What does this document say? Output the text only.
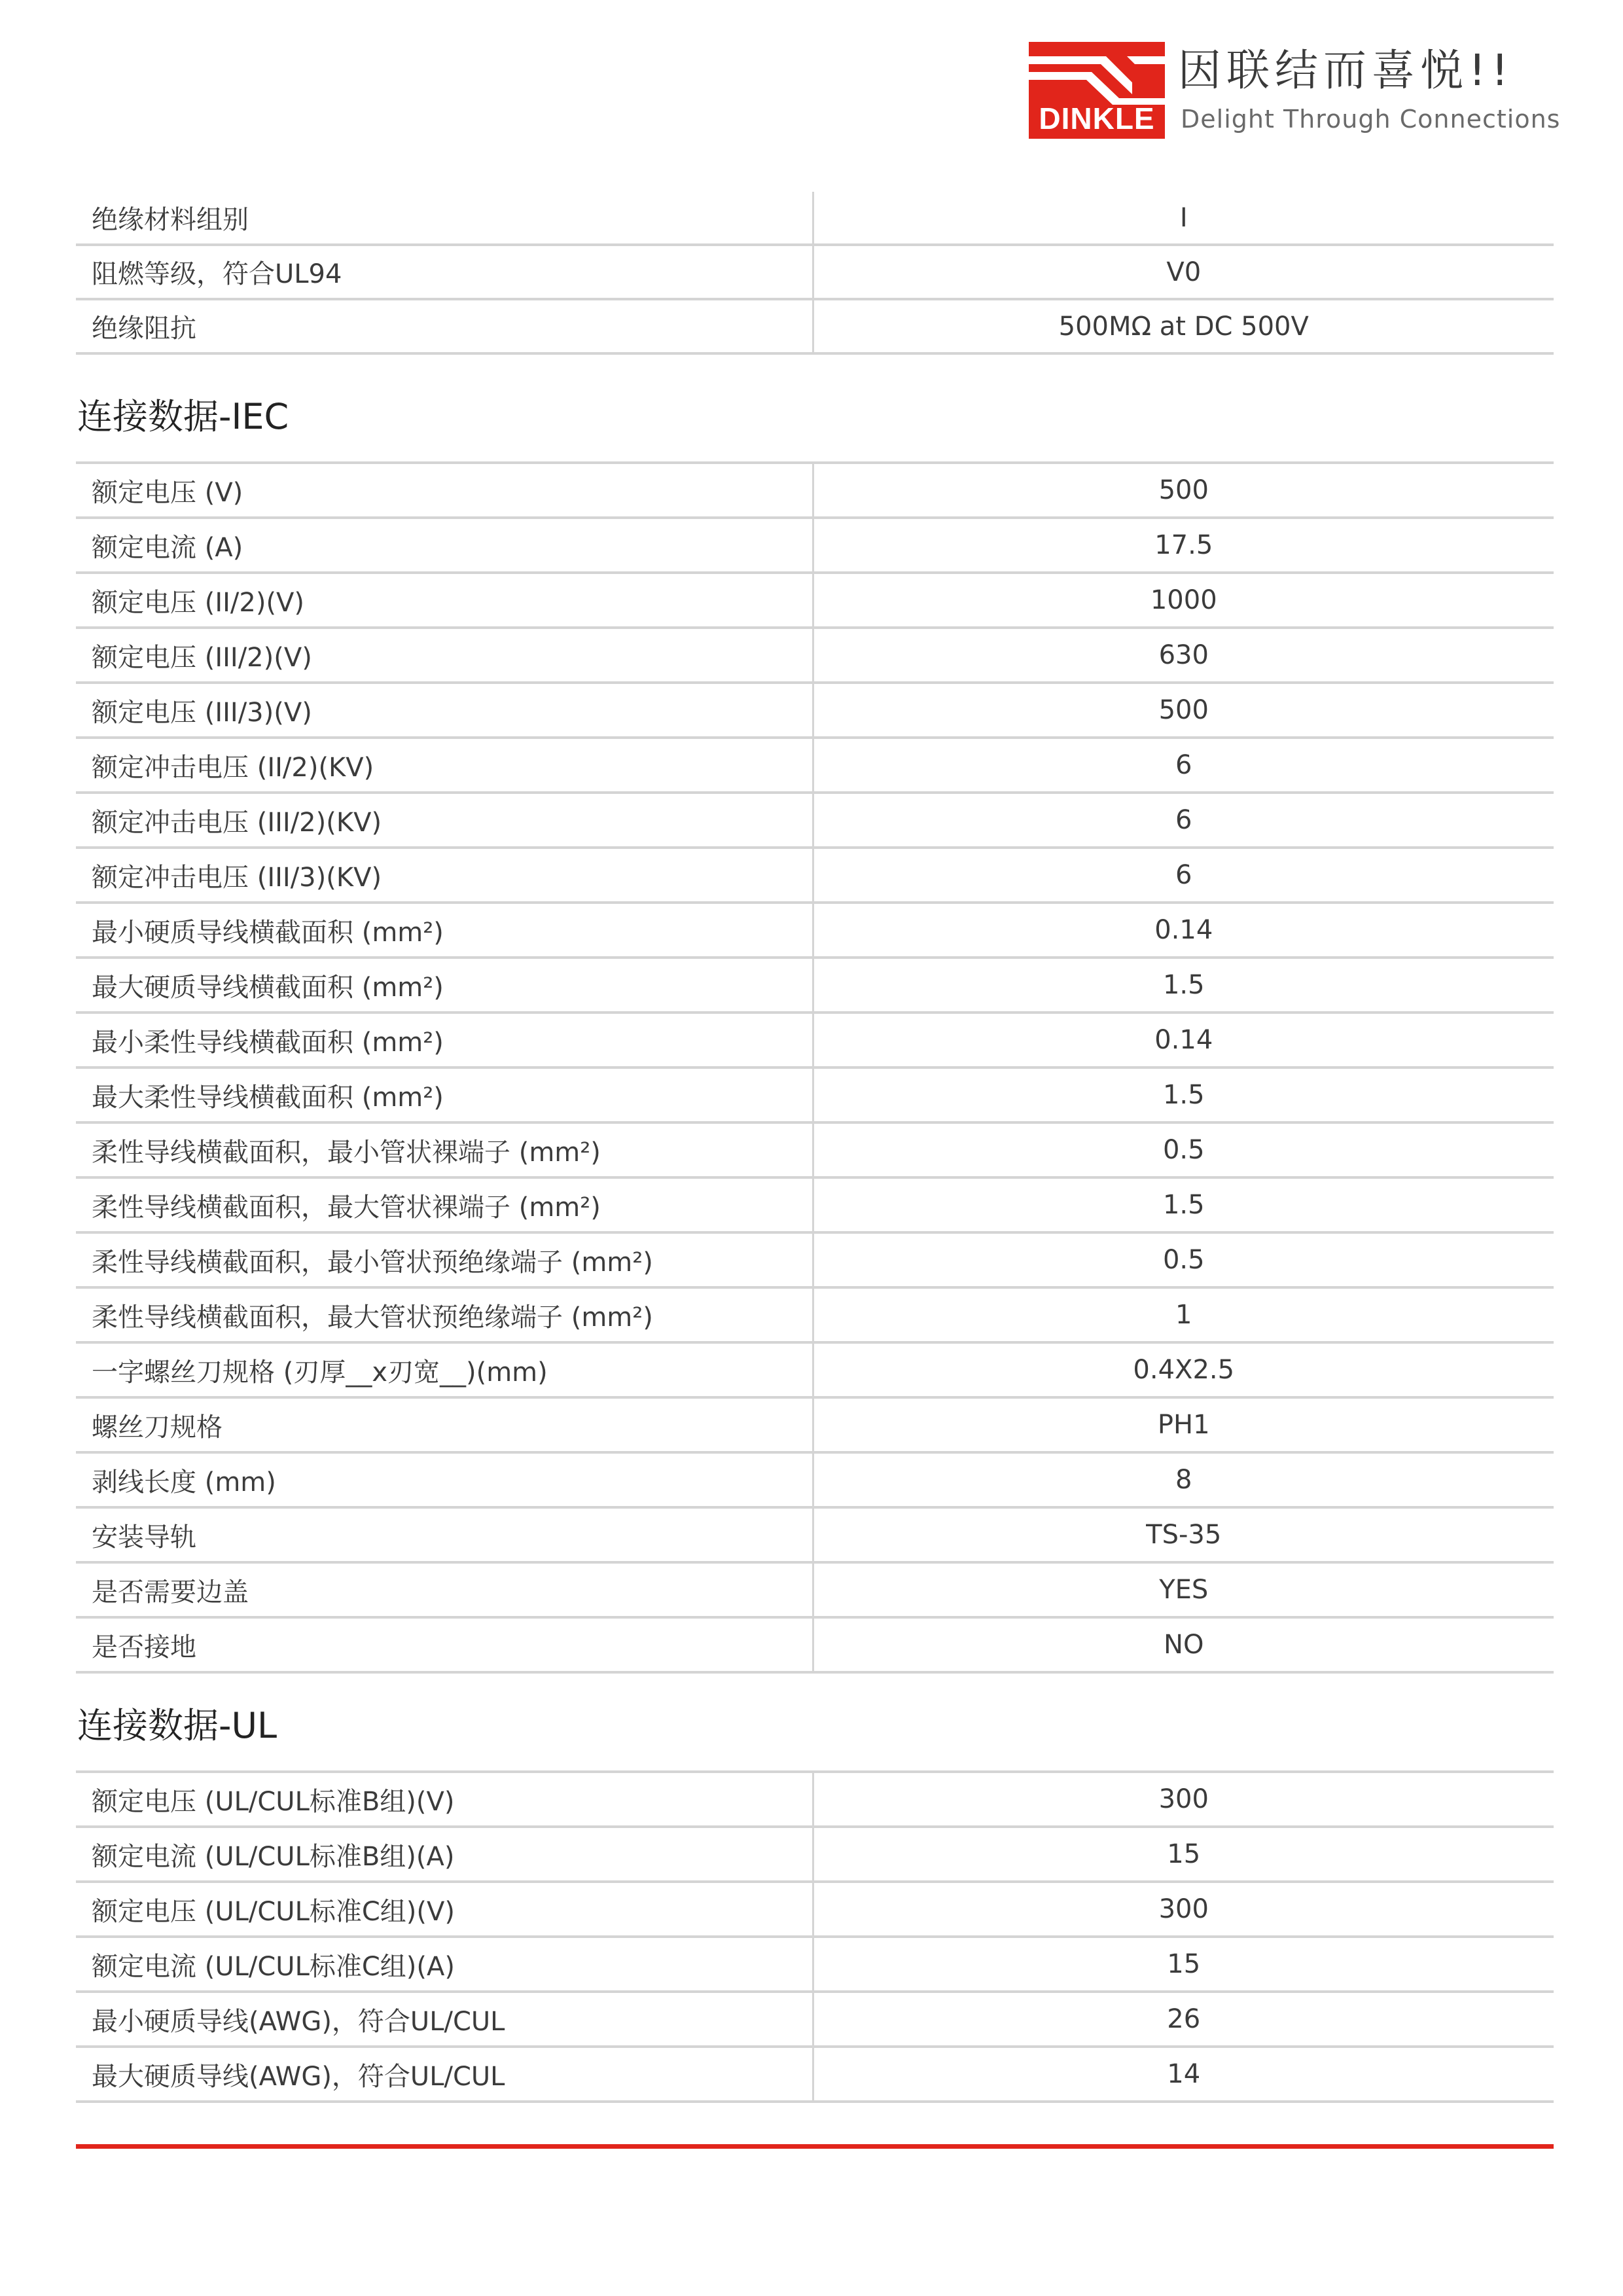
DINKLE
因联结而喜悦!!
Delight Through Connections
绝缘材料组别	I
阻燃等级，符合UL94	V0
绝缘阻抗	500MΩ at DC 500V
连接数据-IEC
额定电压 (V)	500
额定电流 (A)	17.5
额定电压 (II/2)(V)	1000
额定电压 (III/2)(V)	630
额定电压 (III/3)(V)	500
额定冲击电压 (II/2)(KV)	6
额定冲击电压 (III/2)(KV)	6
额定冲击电压 (III/3)(KV)	6
最小硬质导线横截面积 (mm²)	0.14
最大硬质导线横截面积 (mm²)	1.5
最小柔性导线横截面积 (mm²)	0.14
最大柔性导线横截面积 (mm²)	1.5
柔性导线横截面积，最小管状裸端子 (mm²)	0.5
柔性导线横截面积，最大管状裸端子 (mm²)	1.5
柔性导线横截面积，最小管状预绝缘端子 (mm²)	0.5
柔性导线横截面积，最大管状预绝缘端子 (mm²)	1
一字螺丝刀规格 (刃厚__x刃宽__)(mm)	0.4X2.5
螺丝刀规格	PH1
剥线长度 (mm)	8
安装导轨	TS-35
是否需要边盖	YES
是否接地	NO
连接数据-UL
额定电压 (UL/CUL标准B组)(V)	300
额定电流 (UL/CUL标准B组)(A)	15
额定电压 (UL/CUL标准C组)(V)	300
额定电流 (UL/CUL标准C组)(A)	15
最小硬质导线(AWG)，符合UL/CUL	26
最大硬质导线(AWG)，符合UL/CUL	14
